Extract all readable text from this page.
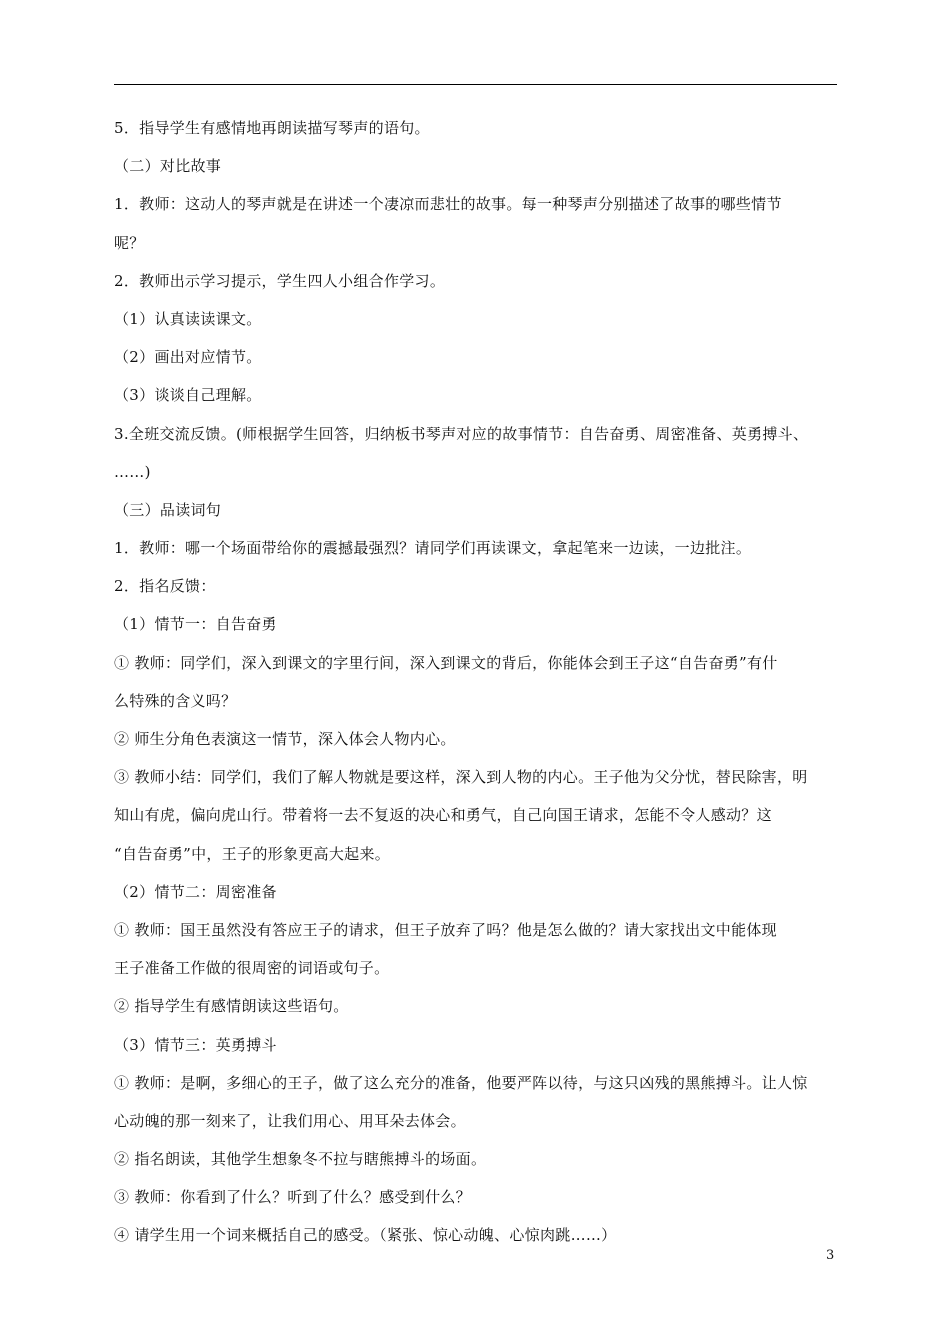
5．指导学生有感情地再朗读描写琴声的语句。
（二）对比故事
1．教师：这动人的琴声就是在讲述一个凄凉而悲壮的故事。每一种琴声分别描述了故事的哪些情节
呢？
2．教师出示学习提示，学生四人小组合作学习。
（1）认真读读课文。
（2）画出对应情节。
（3）谈谈自己理解。
3.全班交流反馈。(师根据学生回答，归纳板书琴声对应的故事情节：自告奋勇、周密准备、英勇搏斗、
……)
（三）品读词句
1．教师：哪一个场面带给你的震撼最强烈？请同学们再读课文，拿起笔来一边读，一边批注。
2．指名反馈：
（1）情节一：自告奋勇
① 教师：同学们，深入到课文的字里行间，深入到课文的背后，你能体会到王子这“自告奋勇”有什
么特殊的含义吗？
② 师生分角色表演这一情节，深入体会人物内心。
③ 教师小结：同学们，我们了解人物就是要这样，深入到人物的内心。王子他为父分忧，替民除害，明
知山有虎，偏向虎山行。带着将一去不复返的决心和勇气，自己向国王请求，怎能不令人感动？这
“自告奋勇”中，王子的形象更高大起来。
（2）情节二：周密准备
① 教师：国王虽然没有答应王子的请求，但王子放弃了吗？他是怎么做的？请大家找出文中能体现
王子准备工作做的很周密的词语或句子。
② 指导学生有感情朗读这些语句。
（3）情节三：英勇搏斗
① 教师：是啊，多细心的王子，做了这么充分的准备，他要严阵以待，与这只凶残的黑熊搏斗。让人惊
心动魄的那一刻来了，让我们用心、用耳朵去体会。
② 指名朗读，其他学生想象冬不拉与瞎熊搏斗的场面。
③ 教师：你看到了什么？听到了什么？感受到什么？
④ 请学生用一个词来概括自己的感受。（紧张、惊心动魄、心惊肉跳……）
3
